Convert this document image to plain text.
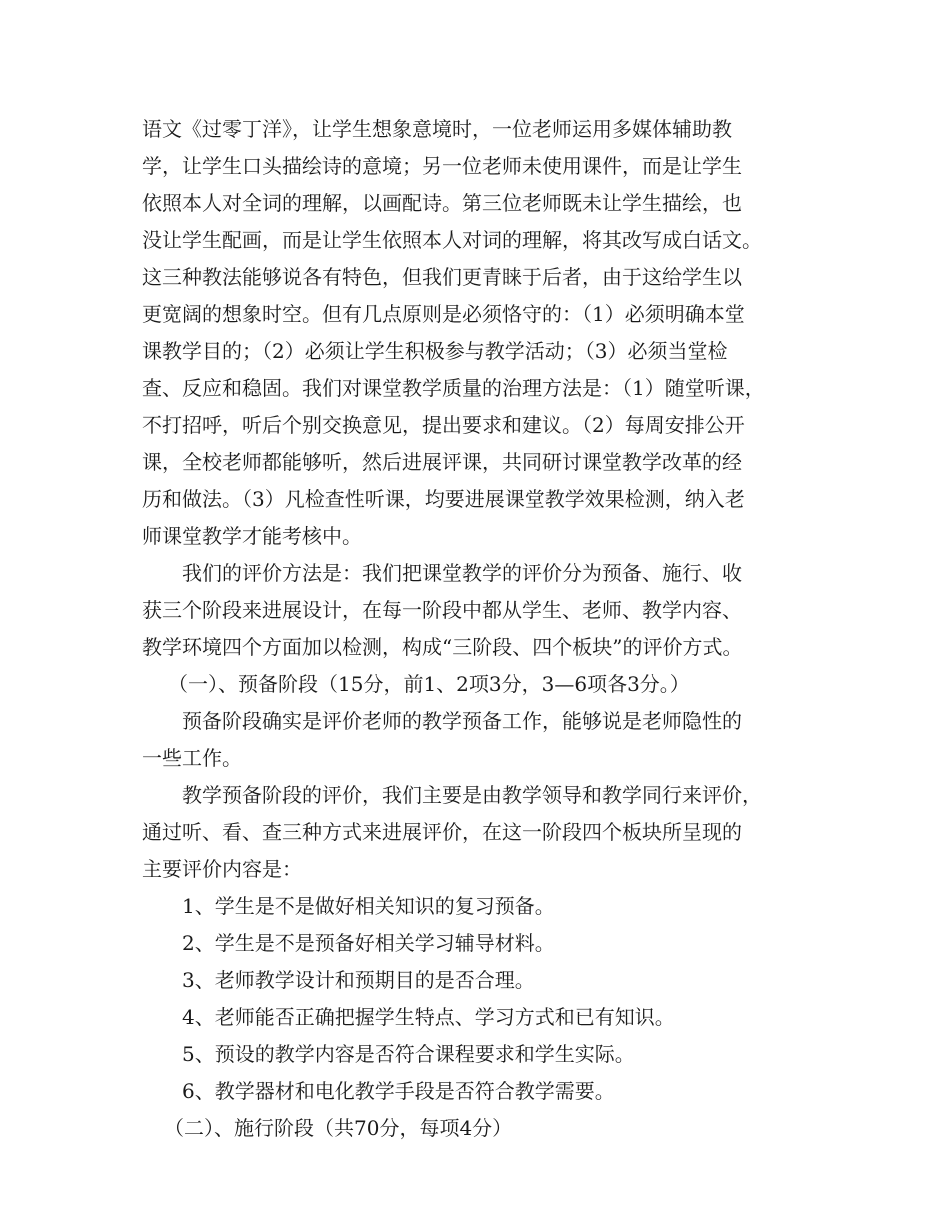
语文《过零丁洋》，让学生想象意境时，一位老师运用多媒体辅助教
学，让学生口头描绘诗的意境；另一位老师未使用课件，而是让学生
依照本人对全词的理解，以画配诗。第三位老师既未让学生描绘，也
没让学生配画，而是让学生依照本人对词的理解，将其改写成白话文。
这三种教法能够说各有特色，但我们更青睐于后者，由于这给学生以
更宽阔的想象时空。但有几点原则是必须恪守的：（1）必须明确本堂
课教学目的；（2）必须让学生积极参与教学活动；（3）必须当堂检
查、反应和稳固。我们对课堂教学质量的治理方法是：（1）随堂听课，
不打招呼，听后个别交换意见，提出要求和建议。（2）每周安排公开
课，全校老师都能够听，然后进展评课，共同研讨课堂教学改革的经
历和做法。（3）凡检查性听课，均要进展课堂教学效果检测，纳入老
师课堂教学才能考核中。
我们的评价方法是：我们把课堂教学的评价分为预备、施行、收
获三个阶段来进展设计，在每一阶段中都从学生、老师、教学内容、
教学环境四个方面加以检测，构成“三阶段、四个板块”的评价方式。
（一）、预备阶段（15分，前1、2项3分，3—6项各3分。）
预备阶段确实是评价老师的教学预备工作，能够说是老师隐性的
一些工作。
教学预备阶段的评价，我们主要是由教学领导和教学同行来评价，
通过听、看、查三种方式来进展评价，在这一阶段四个板块所呈现的
主要评价内容是：
1、学生是不是做好相关知识的复习预备。
2、学生是不是预备好相关学习辅导材料。
3、老师教学设计和预期目的是否合理。
4、老师能否正确把握学生特点、学习方式和已有知识。
5、预设的教学内容是否符合课程要求和学生实际。
6、教学器材和电化教学手段是否符合教学需要。
（二）、施行阶段（共70分，每项4分）
